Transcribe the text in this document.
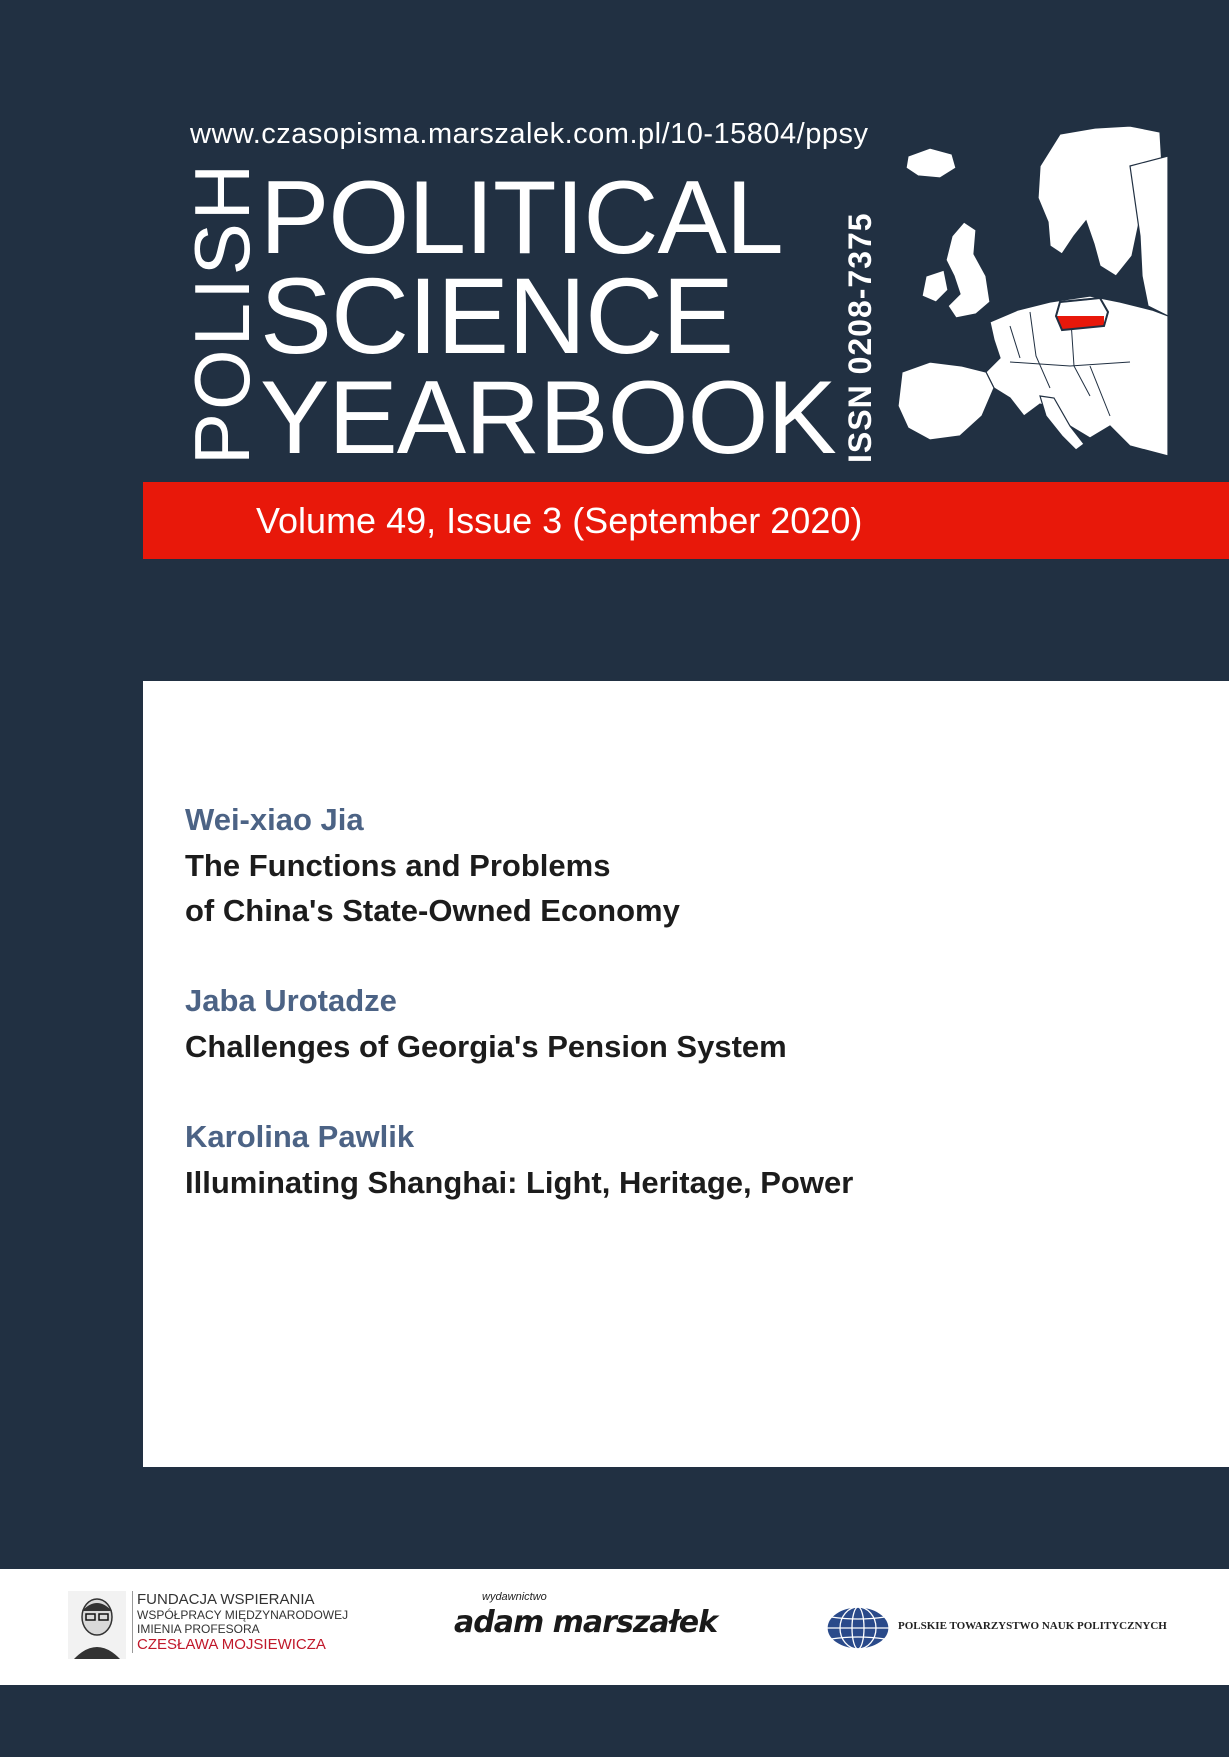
www.czasopisma.marszalek.com.pl/10-15804/ppsy
POLISH
POLITICAL
SCIENCE
YEARBOOK ISSN 0208-7375
Volume 49, Issue 3 (September 2020)
Wei-xiao Jia
The Functions and Problems
of China's State-Owned Economy
Jaba Urotadze
Challenges of Georgia's Pension System
Karolina Pawlik
Illuminating Shanghai: Light, Heritage, Power
FUNDACJA WSPIERANIA
WSPÓŁPRACY MIĘDZYNARODOWEJ
IMIENIA PROFESORA
CZESŁAWA MOJSIEWICZA
wydawnictwo
adam marszałek	POLSKIE TOWARZYSTWO NAUK POLITYCZNYCH
